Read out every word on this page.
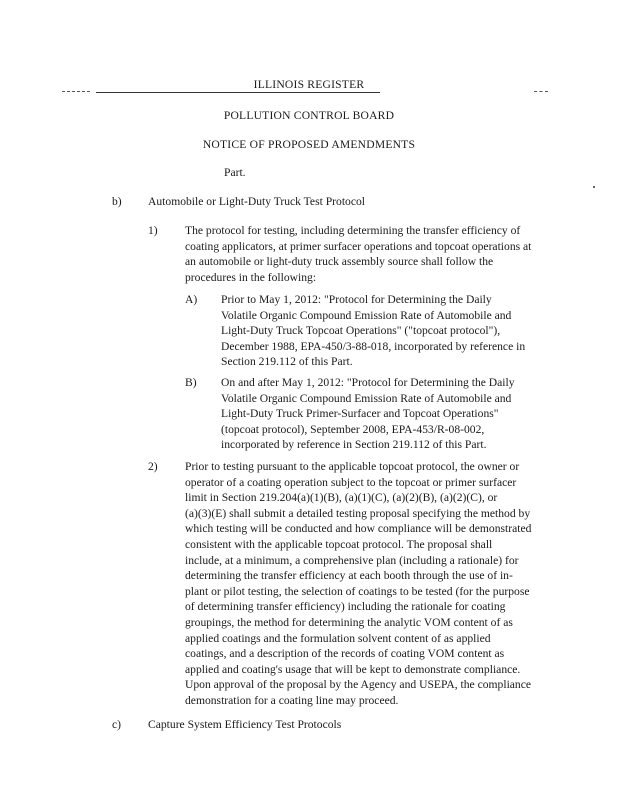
ILLINOIS REGISTER
POLLUTION CONTROL BOARD
NOTICE OF PROPOSED AMENDMENTS
Part.
b) Automobile or Light-Duty Truck Test Protocol
1) The protocol for testing, including determining the transfer efficiency of
coating applicators, at primer surfacer operations and topcoat operations at
an automobile or light-duty truck assembly source shall follow the
procedures in the following:
A) Prior to May 1, 2012: "Protocol for Determining the Daily
Volatile Organic Compound Emission Rate of Automobile and
Light-Duty Truck Topcoat Operations" ("topcoat protocol"),
December 1988, EPA-450/3-88-018, incorporated by reference in
Section 219.112 of this Part.
B) On and after May 1, 2012: "Protocol for Determining the Daily
Volatile Organic Compound Emission Rate of Automobile and
Light-Duty Truck Primer-Surfacer and Topcoat Operations"
(topcoat protocol), September 2008, EPA-453/R-08-002,
incorporated by reference in Section 219.112 of this Part.
2) Prior to testing pursuant to the applicable topcoat protocol, the owner or
operator of a coating operation subject to the topcoat or primer surfacer
limit in Section 219.204(a)(1)(B), (a)(1)(C), (a)(2)(B), (a)(2)(C), or
(a)(3)(E) shall submit a detailed testing proposal specifying the method by
which testing will be conducted and how compliance will be demonstrated
consistent with the applicable topcoat protocol. The proposal shall
include, at a minimum, a comprehensive plan (including a rationale) for
determining the transfer efficiency at each booth through the use of in-
plant or pilot testing, the selection of coatings to be tested (for the purpose
of determining transfer efficiency) including the rationale for coating
groupings, the method for determining the analytic VOM content of as
applied coatings and the formulation solvent content of as applied
coatings, and a description of the records of coating VOM content as
applied and coating's usage that will be kept to demonstrate compliance.
Upon approval of the proposal by the Agency and USEPA, the compliance
demonstration for a coating line may proceed.
c) Capture System Efficiency Test Protocols
